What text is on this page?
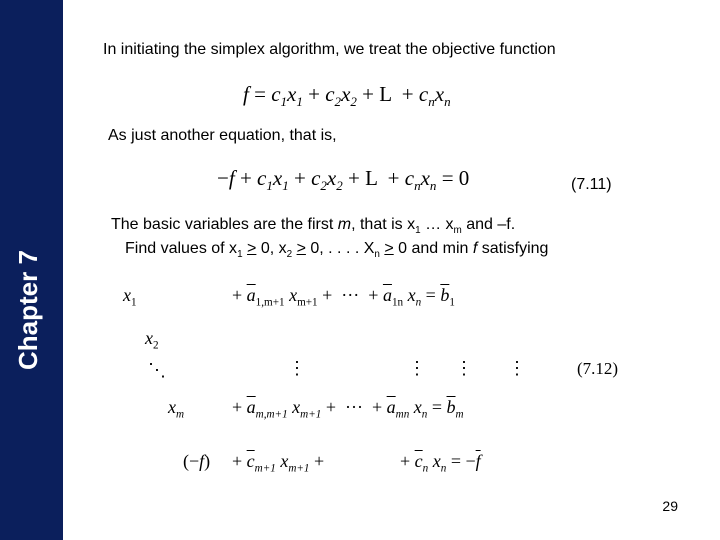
Chapter 7
In initiating the simplex algorithm, we treat the objective function
$f = c_1x_1 + c_2x_2 + L + c_nx_n$
As just another equation, that is,
$-f + c_1x_1 + c_2x_2 + L + c_nx_n = 0$	(7.11)
The basic variables are the first m, that is $x_1$ … $x_m$ and –f.
Find values of $x_1 > 0$, $x_2 > 0$, . . . . $X_n > 0$ and min f satisfying
$x_1$	+ $\overline{a}_{1,m+1}$ $x_{m+1}$ +  ···  + $\overline{a}_{1n}$ $x_n = \overline{b}_1$
$x_2$
⋱	⋮	⋮ ⋮ ⋮	(7.12)
$x_m$	+ $\overline{a}_{m,m+1}$ $x_{m+1}$ +  ···  + $\overline{a}_{mn}$ $x_n = \overline{b}_m$
$(-f) + \overline{c}_{m+1}$ $x_{m+1}$ +	+ $\overline{c}_n$ $x_n = -\overline{f}$
29
